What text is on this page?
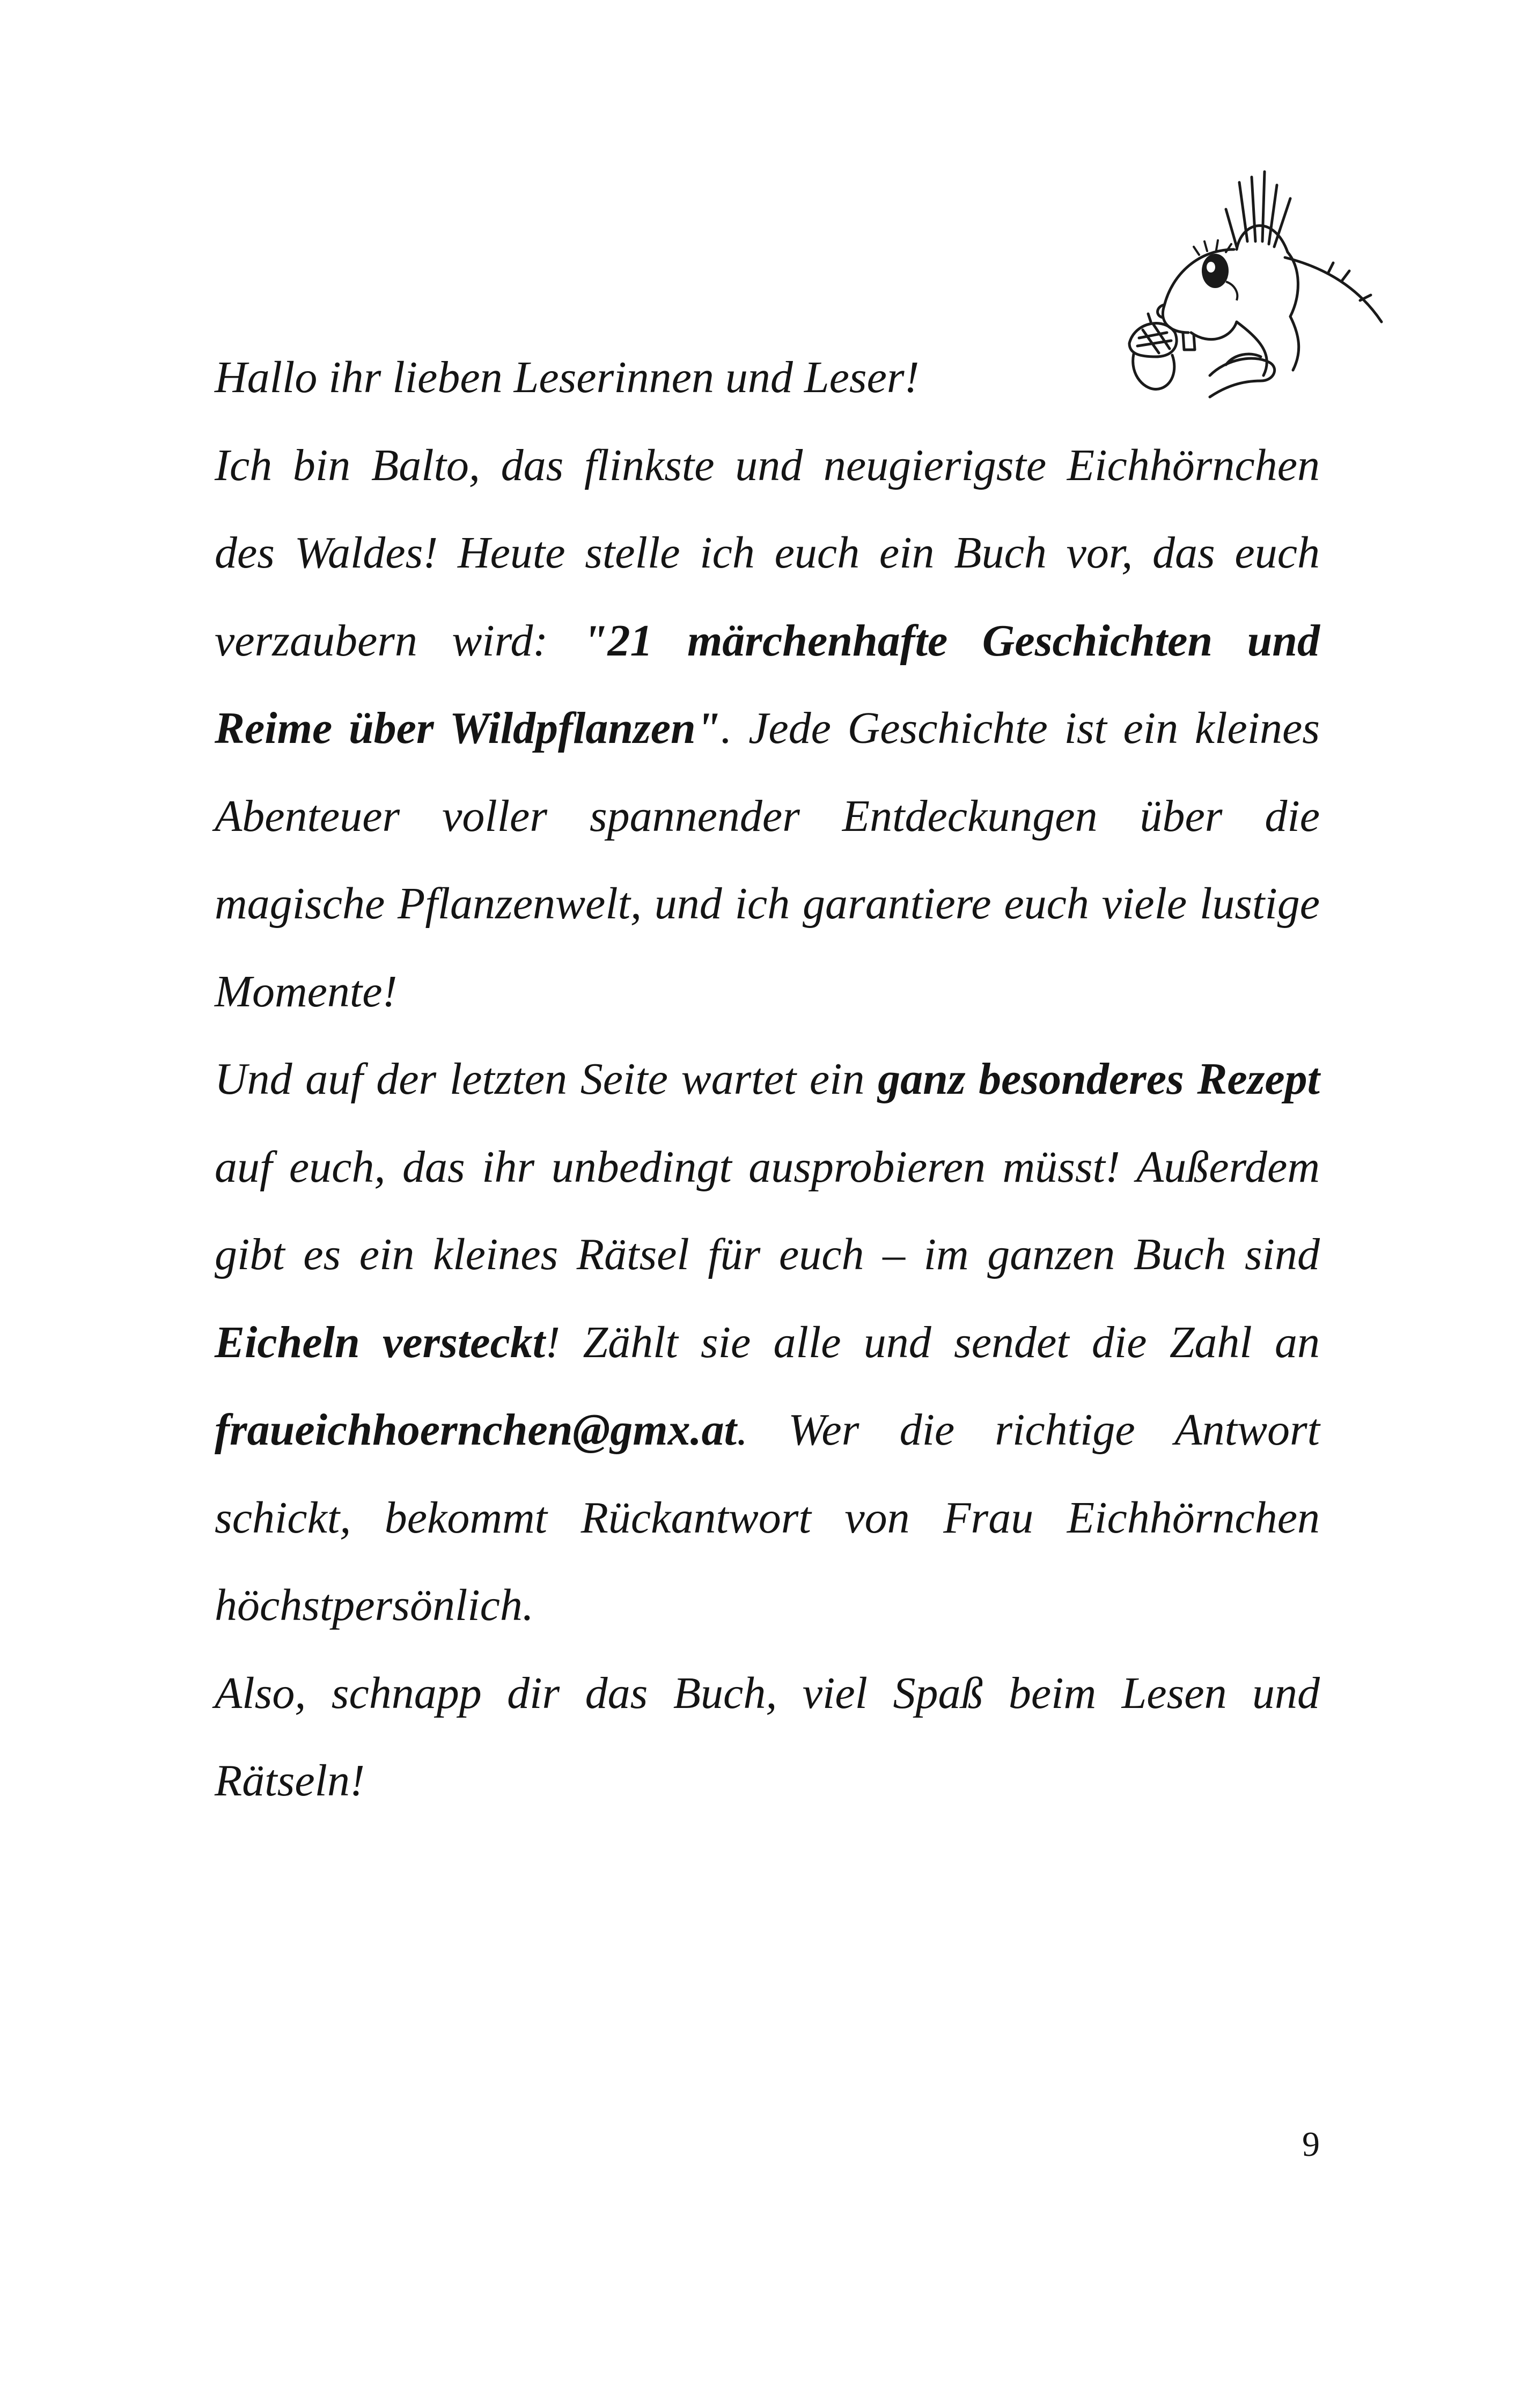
Hallo ihr lieben Leserinnen und Leser!

Ich bin Balto, das flinkste und neugierigste Eichhörnchen des Waldes! Heute stelle ich euch ein Buch vor, das euch verzaubern wird: "21 märchenhafte Geschichten und Reime über Wildpflanzen". Jede Geschichte ist ein kleines Abenteuer voller spannender Entdeckungen über die magische Pflanzenwelt, und ich garantiere euch viele lustige Momente!

Und auf der letzten Seite wartet ein ganz besonderes Rezept auf euch, das ihr unbedingt ausprobieren müsst! Außerdem gibt es ein kleines Rätsel für euch – im ganzen Buch sind Eicheln versteckt! Zählt sie alle und sendet die Zahl an fraueichhoernchen@gmx.at. Wer die richtige Antwort schickt, bekommt Rückantwort von Frau Eichhörnchen höchstpersönlich.

Also, schnapp dir das Buch, viel Spaß beim Lesen und Rätseln!

9
